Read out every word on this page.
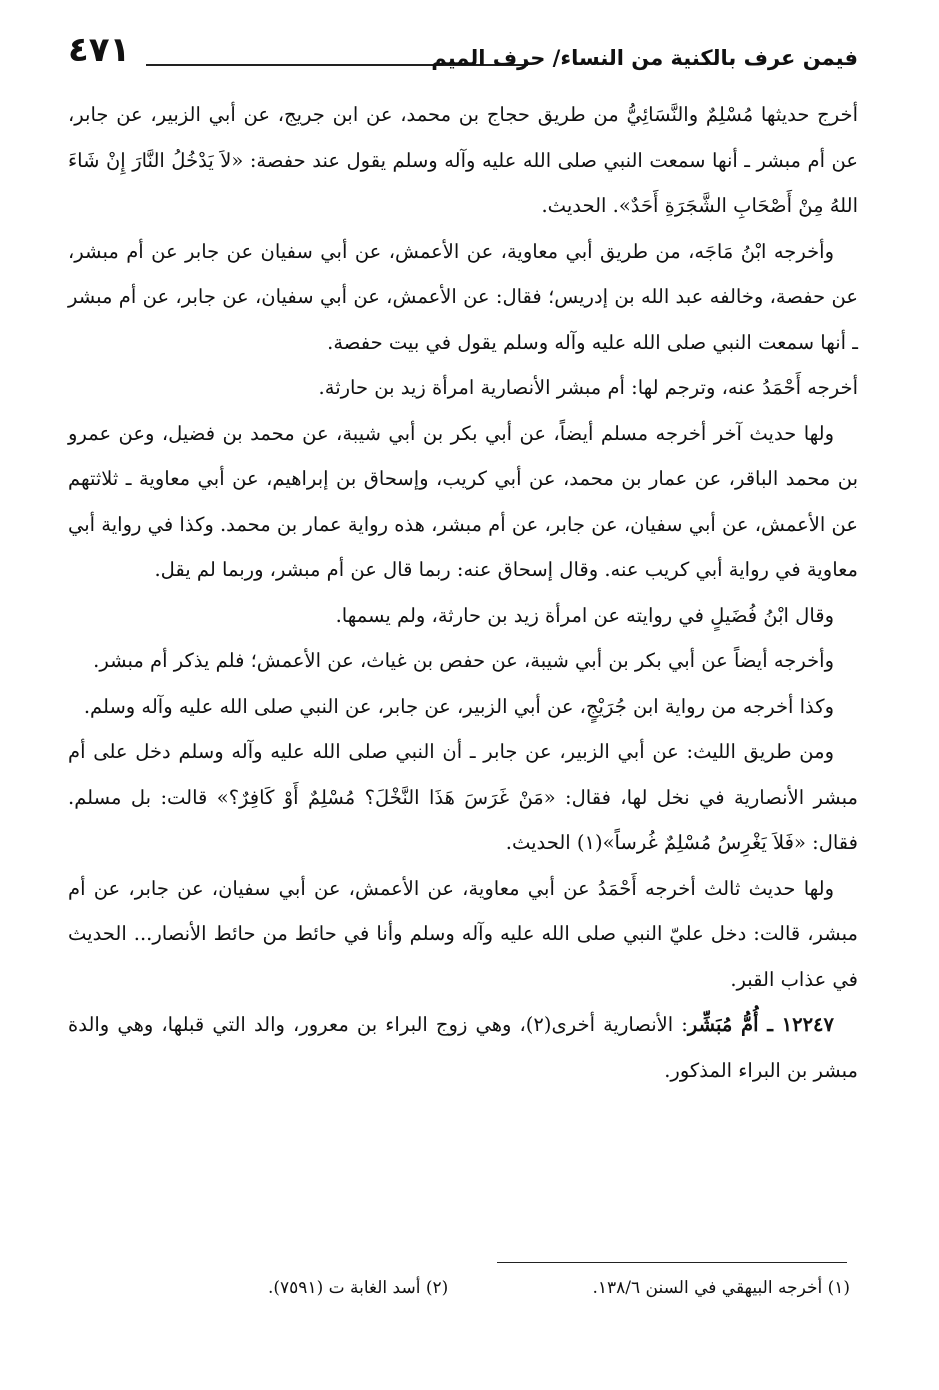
٤٧١	فيمن عرف بالكنية من النساء/ حرف الميم

أخرج حديثها مُسْلِمٌ والنَّسَائِيُّ من طريق حجاج بن محمد، عن ابن جريج، عن أبي الزبير، عن جابر، عن أم مبشر ـ أنها سمعت النبي صلى الله عليه وآله وسلم يقول عند حفصة: «لاَ يَدْخُلُ النَّارَ إِنْ شَاءَ اللهُ مِنْ أَصْحَابِ الشَّجَرَةِ أَحَدٌ». الحديث.

وأخرجه ابْنُ مَاجَه، من طريق أبي معاوية، عن الأعمش، عن أبي سفيان عن جابر عن أم مبشر، عن حفصة، وخالفه عبد الله بن إدريس؛ فقال: عن الأعمش، عن أبي سفيان، عن جابر، عن أم مبشر ـ أنها سمعت النبي صلى الله عليه وآله وسلم يقول في بيت حفصة.

أخرجه أَحْمَدُ عنه، وترجم لها: أم مبشر الأنصارية امرأة زيد بن حارثة.

ولها حديث آخر أخرجه مسلم أيضاً، عن أبي بكر بن أبي شيبة، عن محمد بن فضيل، وعن عمرو بن محمد الباقر، عن عمار بن محمد، عن أبي كريب، وإسحاق بن إبراهيم، عن أبي معاوية ـ ثلاثتهم عن الأعمش، عن أبي سفيان، عن جابر، عن أم مبشر، هذه رواية عمار بن محمد. وكذا في رواية أبي معاوية في رواية أبي كريب عنه. وقال إسحاق عنه: ربما قال عن أم مبشر، وربما لم يقل.

وقال ابْنُ فُضَيلٍ في روايته عن امرأة زيد بن حارثة، ولم يسمها.

وأخرجه أيضاً عن أبي بكر بن أبي شيبة، عن حفص بن غياث، عن الأعمش؛ فلم يذكر أم مبشر.

وكذا أخرجه من رواية ابن جُرَيْجٍ، عن أبي الزبير، عن جابر، عن النبي صلى الله عليه وآله وسلم.

ومن طريق الليث: عن أبي الزبير، عن جابر ـ أن النبي صلى الله عليه وآله وسلم دخل على أم مبشر الأنصارية في نخل لها، فقال: «مَنْ غَرَسَ هَذَا النَّخْلَ؟ مُسْلِمٌ أَوْ كَافِرٌ؟» قالت: بل مسلم. فقال: «فَلاَ يَغْرِسُ مُسْلِمٌ غُرساً»(١) الحديث.

ولها حديث ثالث أخرجه أَحْمَدُ عن أبي معاوية، عن الأعمش، عن أبي سفيان، عن جابر، عن أم مبشر، قالت: دخل عليّ النبي صلى الله عليه وآله وسلم وأنا في حائط من حائط الأنصار... الحديث في عذاب القبر.

١٢٢٤٧ ـ أُمُّ مُبَشِّر: الأنصارية أخرى(٢)، وهي زوج البراء بن معرور، والد التي قبلها، وهي والدة مبشر بن البراء المذكور.

(١) أخرجه البيهقي في السنن ١٣٨/٦.
(٢) أسد الغابة ت (٧٥٩١).
